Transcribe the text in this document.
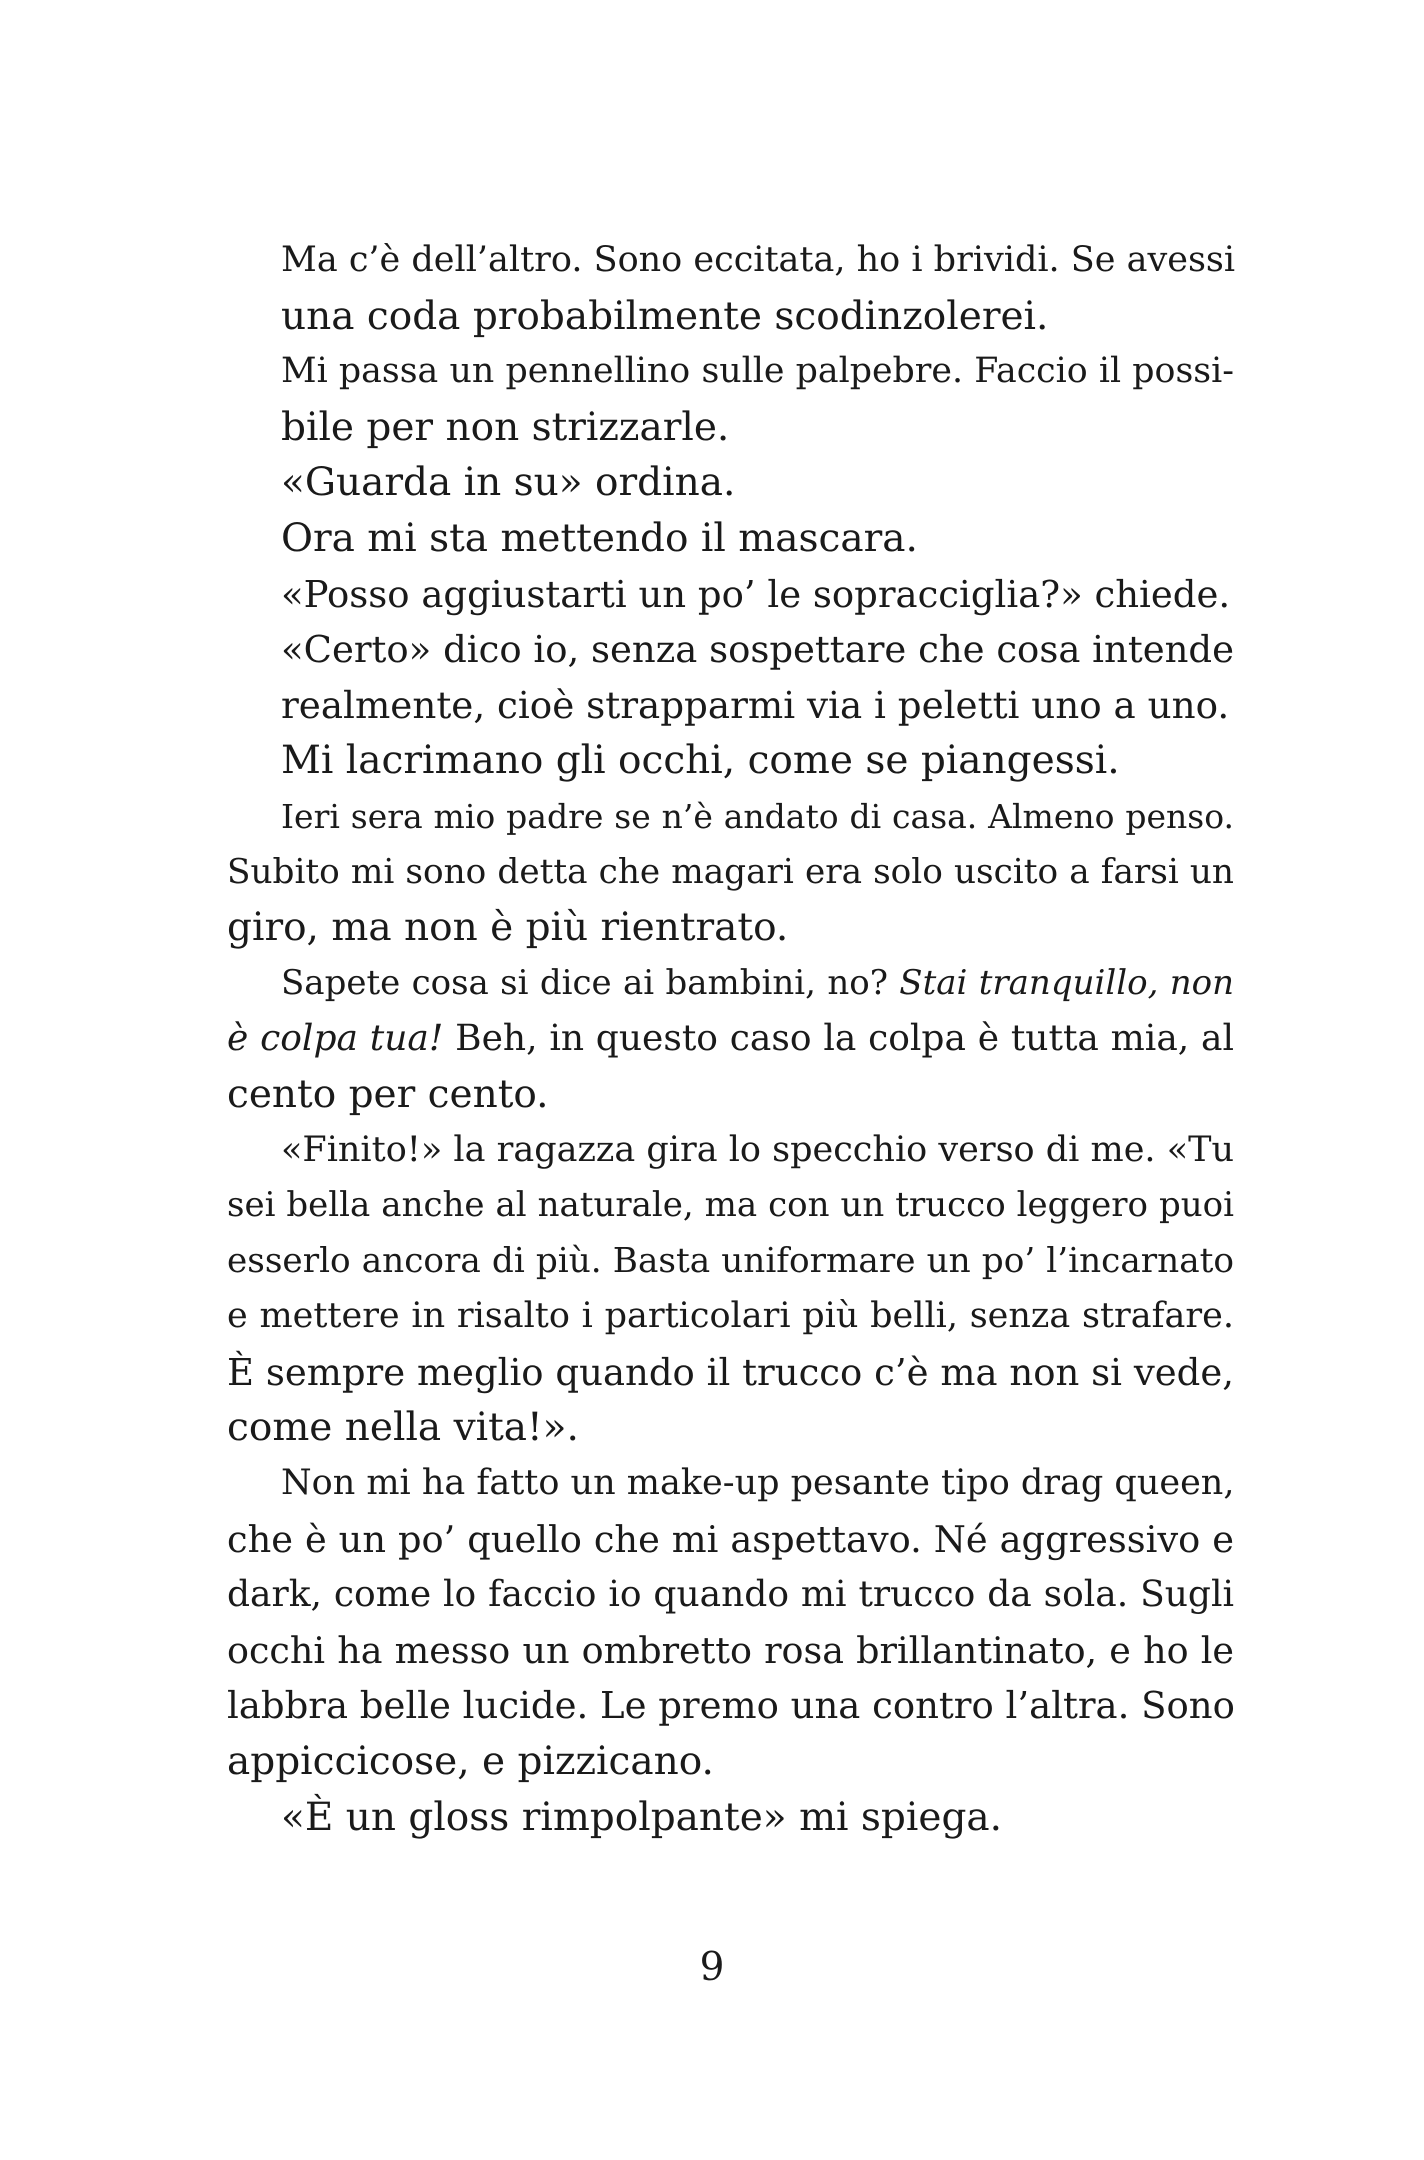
Ma c’è dell’altro. Sono eccitata, ho i brividi. Se avessi
una coda probabilmente scodinzolerei.
Mi passa un pennellino sulle palpebre. Faccio il possi-
bile per non strizzarle.
«Guarda in su» ordina.
Ora mi sta mettendo il mascara.
«Posso aggiustarti un po’ le sopracciglia?» chiede.
«Certo» dico io, senza sospettare che cosa intende
realmente, cioè strapparmi via i peletti uno a uno.
Mi lacrimano gli occhi, come se piangessi.
Ieri sera mio padre se n’è andato di casa. Almeno penso.
Subito mi sono detta che magari era solo uscito a farsi un
giro, ma non è più rientrato.
Sapete cosa si dice ai bambini, no? Stai tranquillo, non
è colpa tua! Beh, in questo caso la colpa è tutta mia, al
cento per cento.
«Finito!» la ragazza gira lo specchio verso di me. «Tu
sei bella anche al naturale, ma con un trucco leggero puoi
esserlo ancora di più. Basta uniformare un po’ l’incarnato
e mettere in risalto i particolari più belli, senza strafare.
È sempre meglio quando il trucco c’è ma non si vede,
come nella vita!».
Non mi ha fatto un make-up pesante tipo drag queen,
che è un po’ quello che mi aspettavo. Né aggressivo e
dark, come lo faccio io quando mi trucco da sola. Sugli
occhi ha messo un ombretto rosa brillantinato, e ho le
labbra belle lucide. Le premo una contro l’altra. Sono
appiccicose, e pizzicano.
«È un gloss rimpolpante» mi spiega.
9
